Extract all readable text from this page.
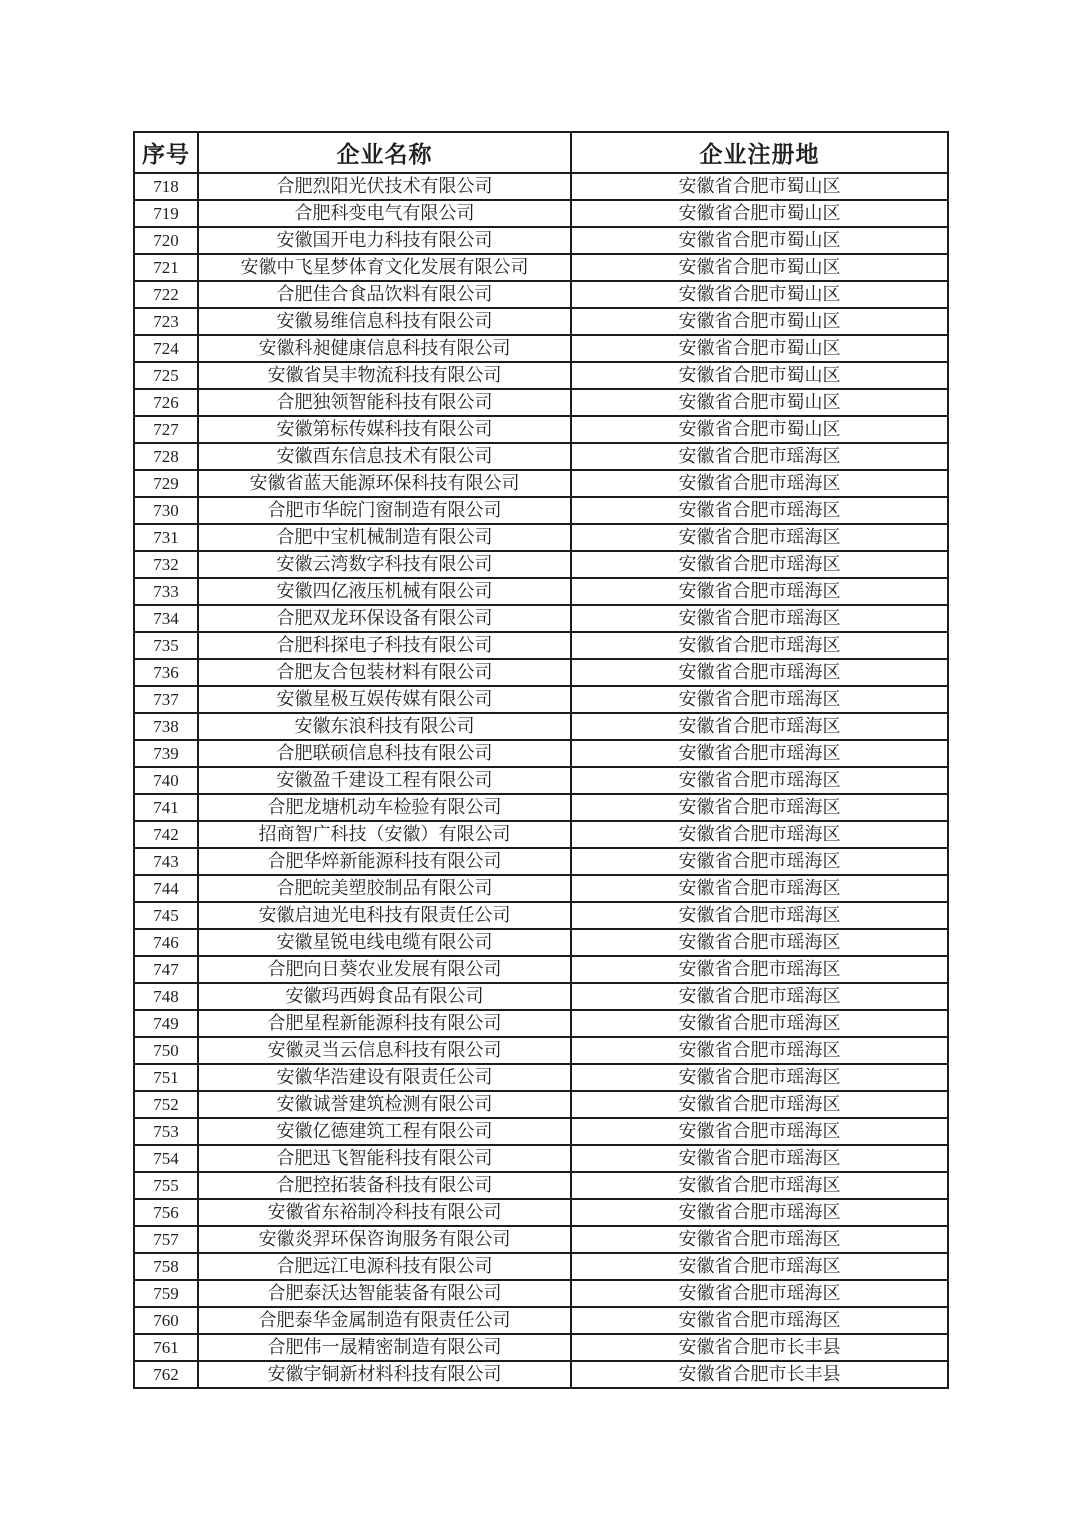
序号	企业名称	企业注册地
718	合肥烈阳光伏技术有限公司	安徽省合肥市蜀山区
719	合肥科变电气有限公司	安徽省合肥市蜀山区
720	安徽国开电力科技有限公司	安徽省合肥市蜀山区
721	安徽中飞星梦体育文化发展有限公司	安徽省合肥市蜀山区
722	合肥佳合食品饮料有限公司	安徽省合肥市蜀山区
723	安徽易维信息科技有限公司	安徽省合肥市蜀山区
724	安徽科昶健康信息科技有限公司	安徽省合肥市蜀山区
725	安徽省昊丰物流科技有限公司	安徽省合肥市蜀山区
726	合肥独领智能科技有限公司	安徽省合肥市蜀山区
727	安徽第标传媒科技有限公司	安徽省合肥市蜀山区
728	安徽酉东信息技术有限公司	安徽省合肥市瑶海区
729	安徽省蓝天能源环保科技有限公司	安徽省合肥市瑶海区
730	合肥市华皖门窗制造有限公司	安徽省合肥市瑶海区
731	合肥中宝机械制造有限公司	安徽省合肥市瑶海区
732	安徽云湾数字科技有限公司	安徽省合肥市瑶海区
733	安徽四亿液压机械有限公司	安徽省合肥市瑶海区
734	合肥双龙环保设备有限公司	安徽省合肥市瑶海区
735	合肥科探电子科技有限公司	安徽省合肥市瑶海区
736	合肥友合包装材料有限公司	安徽省合肥市瑶海区
737	安徽星极互娱传媒有限公司	安徽省合肥市瑶海区
738	安徽东浪科技有限公司	安徽省合肥市瑶海区
739	合肥联硕信息科技有限公司	安徽省合肥市瑶海区
740	安徽盈千建设工程有限公司	安徽省合肥市瑶海区
741	合肥龙塘机动车检验有限公司	安徽省合肥市瑶海区
742	招商智广科技（安徽）有限公司	安徽省合肥市瑶海区
743	合肥华焠新能源科技有限公司	安徽省合肥市瑶海区
744	合肥皖美塑胶制品有限公司	安徽省合肥市瑶海区
745	安徽启迪光电科技有限责任公司	安徽省合肥市瑶海区
746	安徽星锐电线电缆有限公司	安徽省合肥市瑶海区
747	合肥向日葵农业发展有限公司	安徽省合肥市瑶海区
748	安徽玛西姆食品有限公司	安徽省合肥市瑶海区
749	合肥星程新能源科技有限公司	安徽省合肥市瑶海区
750	安徽灵当云信息科技有限公司	安徽省合肥市瑶海区
751	安徽华浩建设有限责任公司	安徽省合肥市瑶海区
752	安徽诚誉建筑检测有限公司	安徽省合肥市瑶海区
753	安徽亿德建筑工程有限公司	安徽省合肥市瑶海区
754	合肥迅飞智能科技有限公司	安徽省合肥市瑶海区
755	合肥控拓装备科技有限公司	安徽省合肥市瑶海区
756	安徽省东裕制冷科技有限公司	安徽省合肥市瑶海区
757	安徽炎羿环保咨询服务有限公司	安徽省合肥市瑶海区
758	合肥远江电源科技有限公司	安徽省合肥市瑶海区
759	合肥泰沃达智能装备有限公司	安徽省合肥市瑶海区
760	合肥泰华金属制造有限责任公司	安徽省合肥市瑶海区
761	合肥伟一晟精密制造有限公司	安徽省合肥市长丰县
762	安徽宇铜新材料科技有限公司	安徽省合肥市长丰县
